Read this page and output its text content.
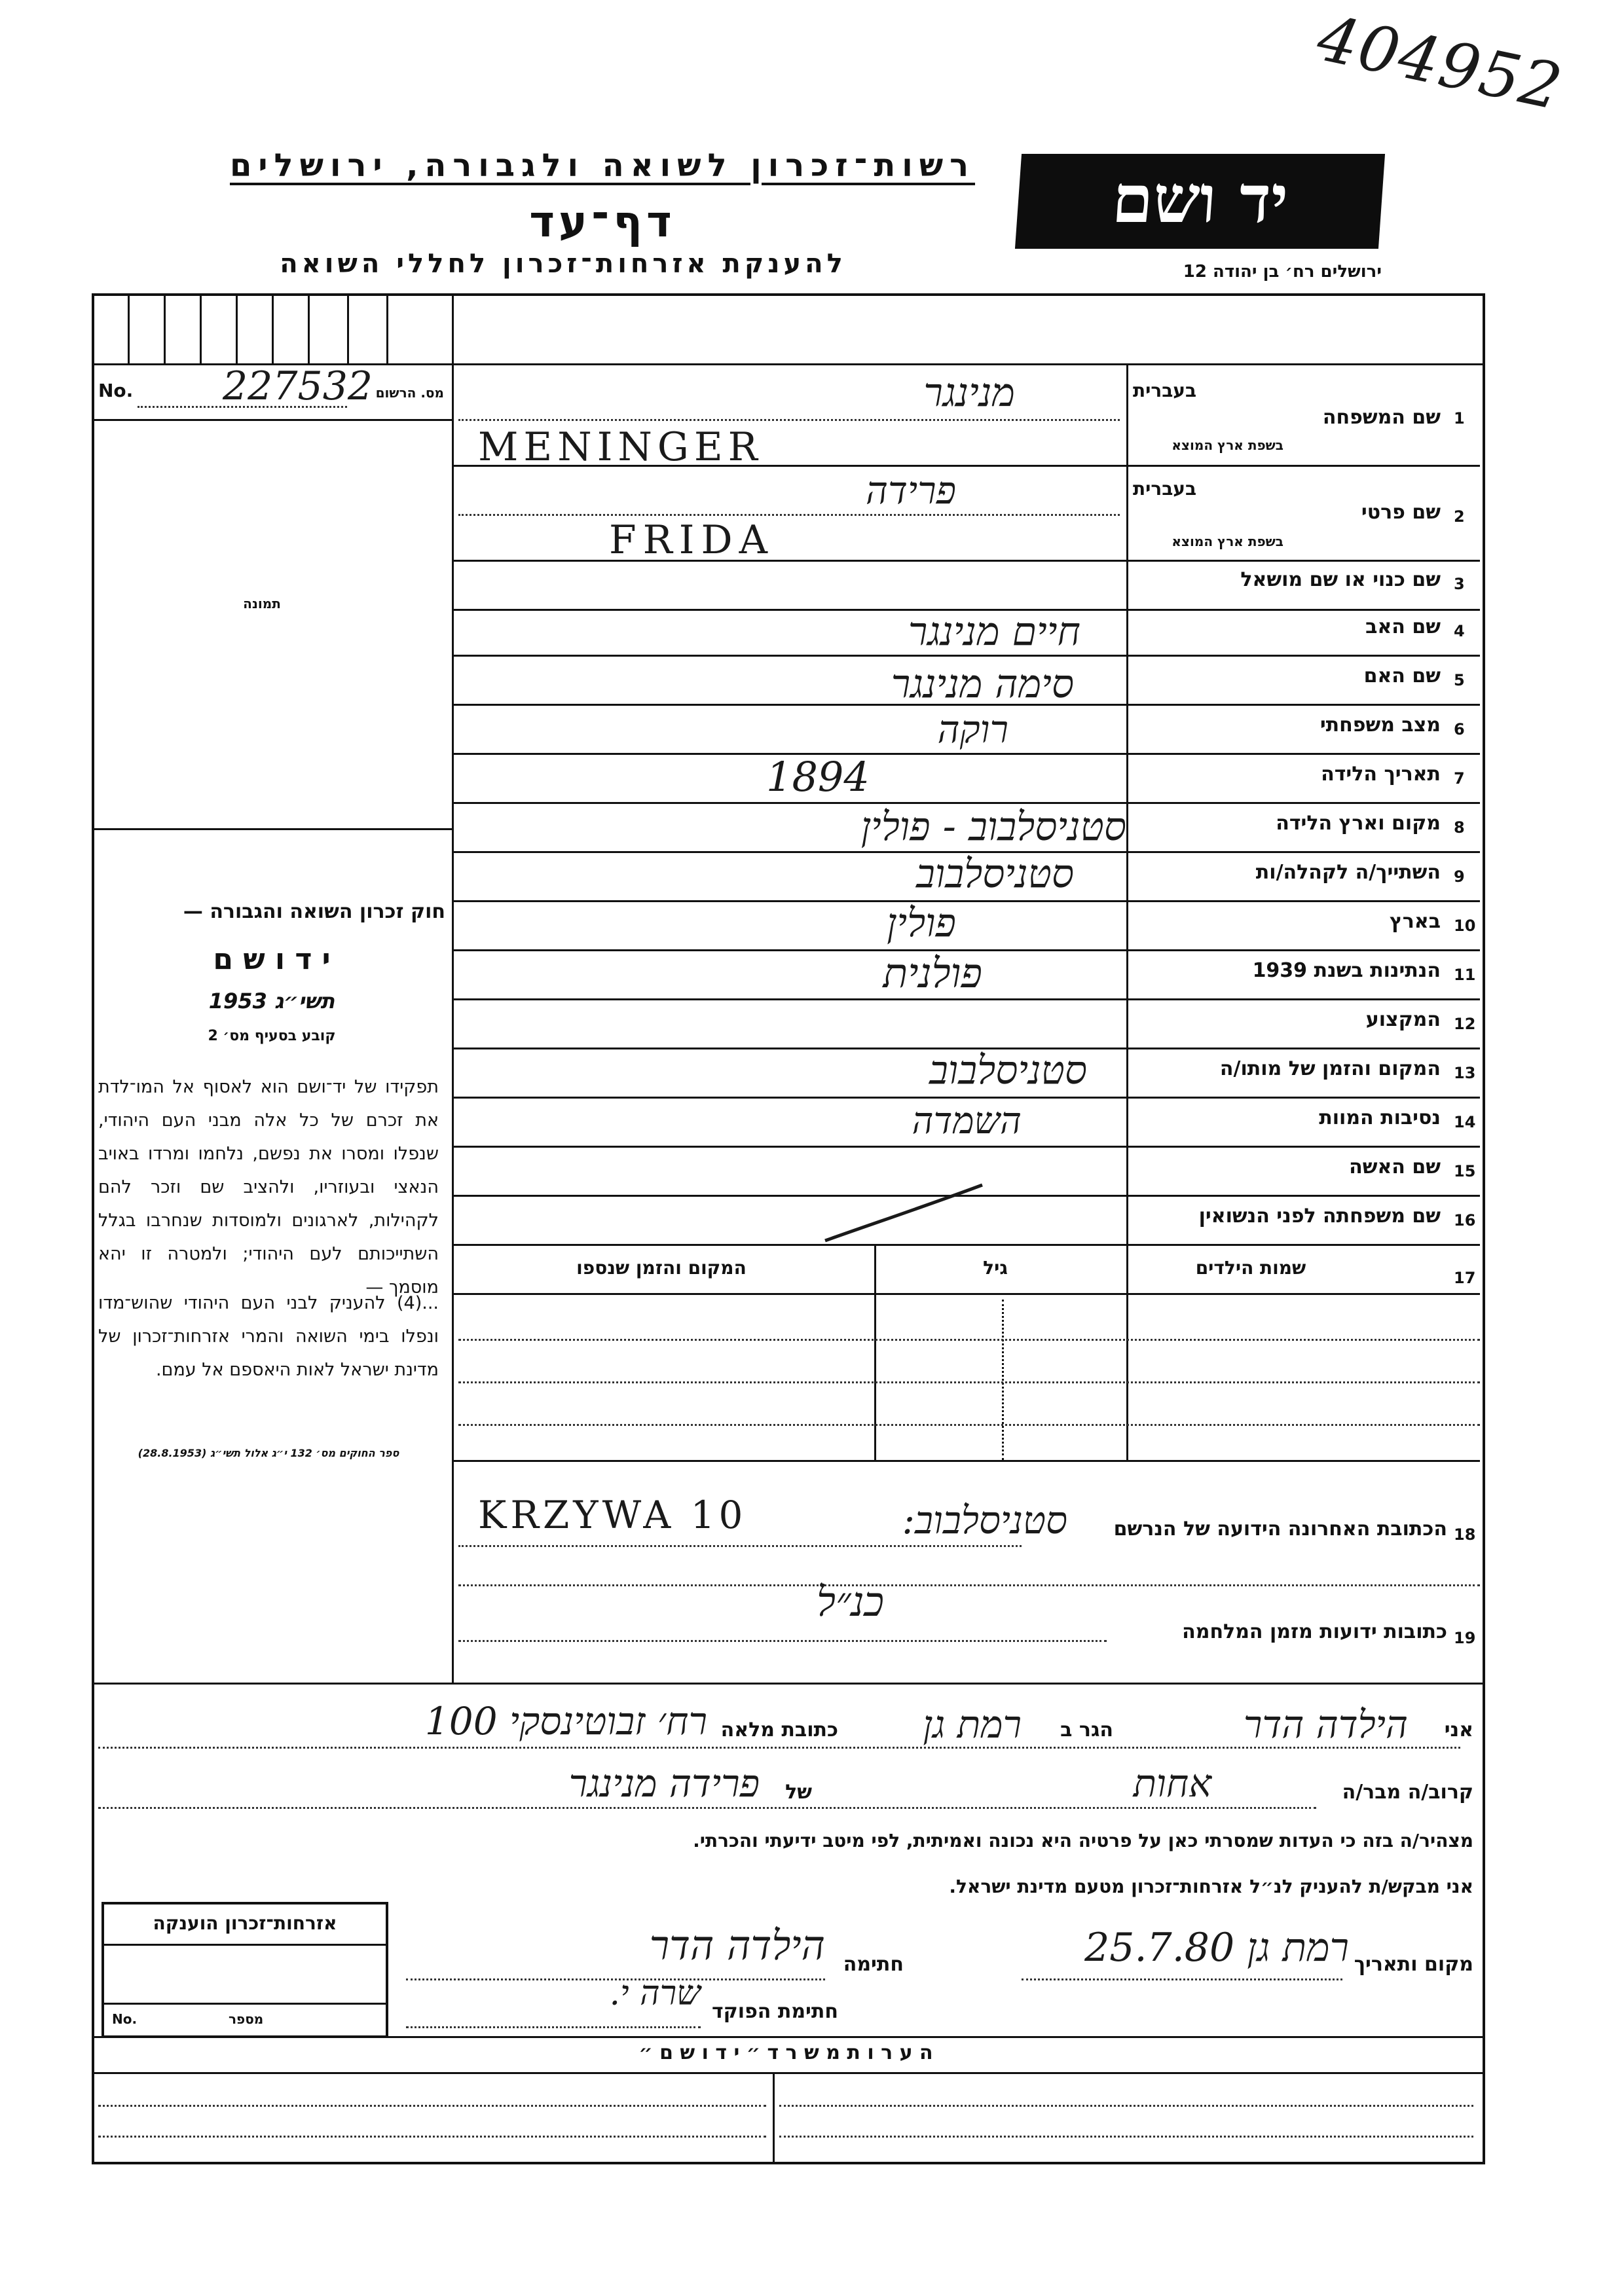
404952
רשות־זכרון לשואה ולגבורה, ירושלים
דף־עד
להענקת אזרחות־זכרון לחללי השואה
יד ושם
ירושלים רח׳ בן יהודה 12
No. 227532 מס. הרשום
תמונה
חוק זכרון השואה והגבורה —
י ד ו ש ם
תשי״ג 1953
קובע בסעיף מס׳ 2
תפקידו של יד־ושם הוא לאסוף אל המו־לדת את זכרם של כל אלה מבני העם היהודי, שנפלו ומסרו את נפשם, נלחמו ומרדו באויב הנאצי ובעוזריו, ולהציב שם וזכר להם לקהילות, לארגונים ולמוסדות שנחרבו בגלל השתייכותם לעם היהודי; ולמטרה זו יהא מוסמך —
...(4) להעניק לבני העם היהודי שהוש־מדו ונפלו בימי השואה והמרי אזרחות־זכרון של מדינת ישראל לאות היאספם אל עמם.
ספר החוקים מס׳ 132 י״ג אלול תשי״ג (28.8.1953)
1
שם המשפחה
בעברית
בשפת ארץ המוצא
מנינגר
MENINGER
2
שם פרטי
בעברית
בשפת ארץ המוצא
פרידה
FRIDA
3
שם כנוי או שם מושאל
4
שם האב
חיים מנינגר
5
שם האם
סימה מנינגר
6
מצב משפחתי
רוקה
7
תאריך הלידה
1894
8
מקום וארץ הלידה
סטניסלבוב - פולין
9
השתייך/ה לקהלה/ות
סטניסלבוב
10
בארץ
פולין
11
הנתינות בשנת 1939
פולנית
12
המקצוע
13
המקום והזמן של מותו/ה
סטניסלבוב
14
נסיבות המוות
השמדה
15
שם האשה
16
שם משפחתה לפני הנשואין
17
שמות הילדים
גיל
המקום והזמן שנספו
18
הכתובת האחרונה הידועה של הנרשם
KRZYWA 10	סטניסלבוב:
19
כתובות ידועות מזמן המלחמה
כנ״ל
אני
הילדה הדר
הגר ב
רמת גן
כתובת מלאה
רח׳ זבוטינסקי 100
קרוב/ה מבר/ה
אחות
של
פרידה מנינגר
מצהיר/ה בזה כי העדות שמסרתי כאן על פרטיה היא נכונה ואמיתית, לפי מיטב ידיעתי והכרתי.
אני מבקש/ת להעניק לנ״ל אזרחות־זכרון מטעם מדינת ישראל.
אזרחות־זכרון הוענקה
No.	מספר
מקום ותאריך
רמת גן 25.7.80
חתימה
הילדה הדר
חתימת הפוקד
שרה י.
ה ע ר ו ת מ ש ר ד ״ י ד ו ש ם ״
